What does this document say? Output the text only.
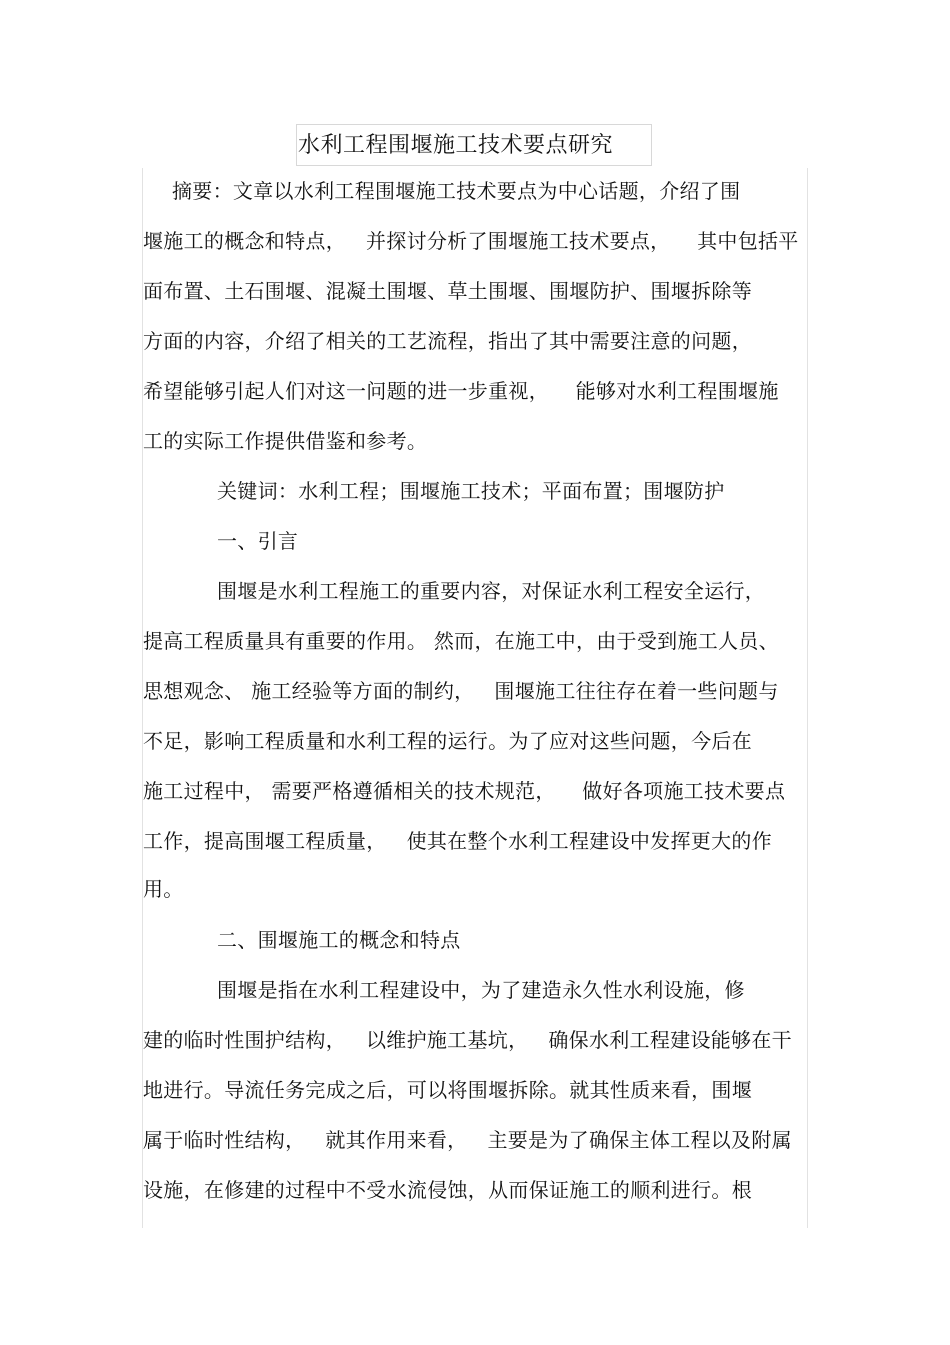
水利工程围堰施工技术要点研究
摘要：文章以水利工程围堰施工技术要点为中心话题，介绍了围
堰施工的概念和特点，   并探讨分析了围堰施工技术要点，    其中包括平
面布置、土石围堰、混凝土围堰、草土围堰、围堰防护、围堰拆除等
方面的内容，介绍了相关的工艺流程，指出了其中需要注意的问题，
希望能够引起人们对这一问题的进一步重视，    能够对水利工程围堰施
工的实际工作提供借鉴和参考。
关键词：水利工程；围堰施工技术；平面布置；围堰防护
一、引言
围堰是水利工程施工的重要内容，对保证水利工程安全运行，
提高工程质量具有重要的作用。 然而，在施工中，由于受到施工人员、
思想观念、 施工经验等方面的制约，   围堰施工往往存在着一些问题与
不足，影响工程质量和水利工程的运行。为了应对这些问题，今后在
施工过程中， 需要严格遵循相关的技术规范，    做好各项施工技术要点
工作，提高围堰工程质量，   使其在整个水利工程建设中发挥更大的作
用。
二、围堰施工的概念和特点
围堰是指在水利工程建设中，为了建造永久性水利设施，修
建的临时性围护结构，   以维护施工基坑，   确保水利工程建设能够在干
地进行。导流任务完成之后，可以将围堰拆除。就其性质来看，围堰
属于临时性结构，   就其作用来看，   主要是为了确保主体工程以及附属
设施，在修建的过程中不受水流侵蚀，从而保证施工的顺利进行。根
